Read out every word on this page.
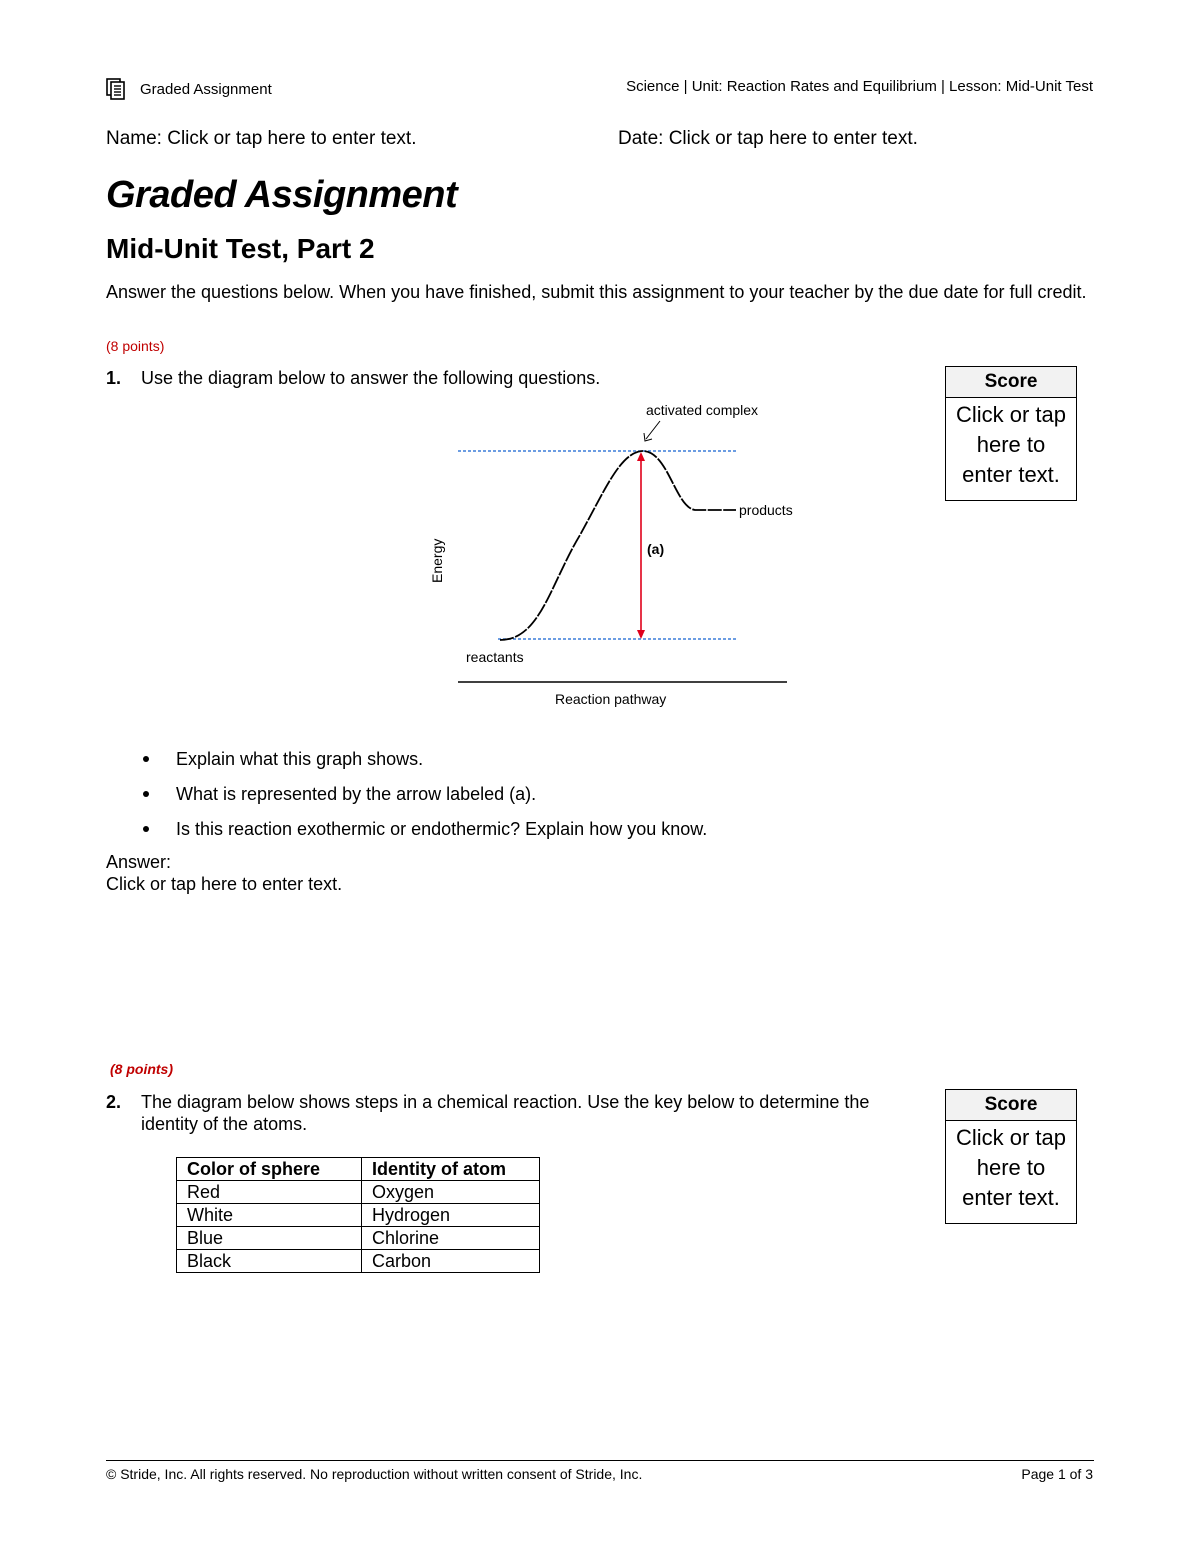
Graded Assignment	Science | Unit: Reaction Rates and Equilibrium | Lesson: Mid-Unit Test
Name: Click or tap here to enter text.	Date: Click or tap here to enter text.
Graded Assignment
Mid-Unit Test, Part 2
Answer the questions below. When you have finished, submit this assignment to your teacher by the due date for full credit.
(8 points)
1. Use the diagram below to answer the following questions.	Score
Click or tap here to enter text.
activated complex
products
(a)
Energy
reactants
Reaction pathway
Explain what this graph shows.
What is represented by the arrow labeled (a).
Is this reaction exothermic or endothermic? Explain how you know.
Answer:
Click or tap here to enter text.
(8 points)
2.	The diagram below shows steps in a chemical reaction. Use the key below to determine the identity of the atoms.
Score
Click or tap here to enter text.
Color of sphere	Identity of atom
Red	Oxygen
White	Hydrogen
Blue	Chlorine
Black	Carbon
© Stride, Inc. All rights reserved. No reproduction without written consent of Stride, Inc.	Page 1 of 3
